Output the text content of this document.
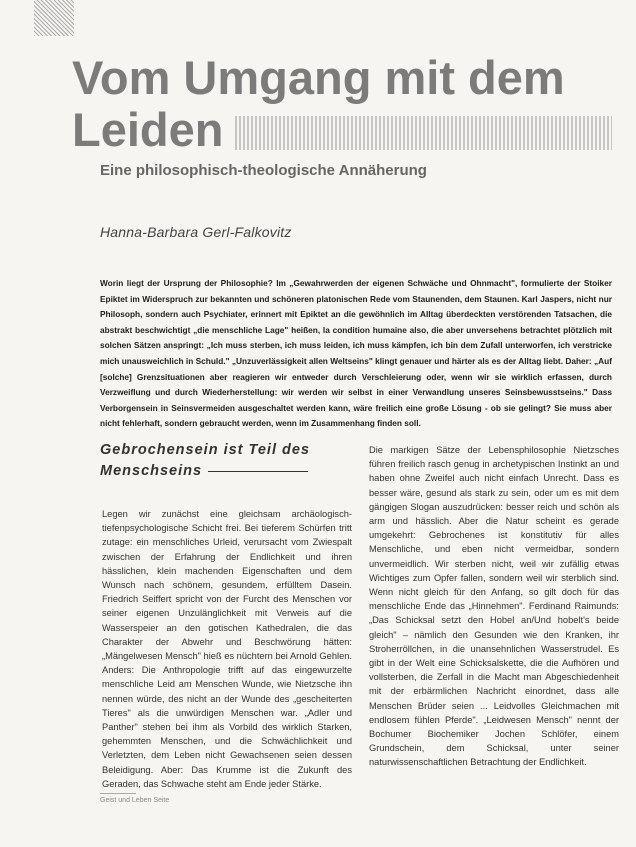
Vom Umgang mit dem
Leiden
Eine philosophisch-theologische Annäherung
Hanna-Barbara Gerl-Falkovitz

Worin liegt der Ursprung der Philosophie? Im „Gewahrwerden der eigenen Schwäche und Ohnmacht", formulierte der Stoiker Epiktet im Widerspruch zur bekannten und schöneren platonischen Rede vom Staunenden, dem Staunen. Karl Jaspers, nicht nur Philosoph, sondern auch Psychiater, erinnert mit Epiktet an die gewöhnlich im Alltag überdeckten verstörenden Tatsachen, die abstrakt beschwichtigt „die menschliche Lage" heißen, la condition humaine also, die aber unversehens betrachtet plötzlich mit solchen Sätzen anspringt: „Ich muss sterben, ich muss leiden, ich muss kämpfen, ich bin dem Zufall unterworfen, ich verstricke mich unausweichlich in Schuld." „Unzuverlässigkeit allen Weltseins" klingt genauer und härter als es der Alltag liebt. Daher: „Auf [solche] Grenzsituationen aber reagieren wir entweder durch Verschleierung oder, wenn wir sie wirklich erfassen, durch Verzweiflung und durch Wiederherstellung: wir werden wir selbst in einer Verwandlung unseres Seinsbewusstseins." Dass Verborgensein in Seinsvermeiden ausgeschaltet werden kann, wäre freilich eine große Lösung - ob sie gelingt? Sie muss aber nicht fehlerhaft, sondern gebraucht werden, wenn im Zusammenhang finden soll.

Gebrochensein ist Teil des Menschseins

Legen wir zunächst eine gleichsam archäologisch-tiefenpsychologische Schicht frei. Bei tieferem Schürfen tritt zutage: ein menschliches Urleid, verursacht vom Zwiespalt zwischen der Erfahrung der Endlichkeit und ihren hässlichen, klein machenden Eigenschaften und dem Wunsch nach schönem, gesundem, erfülltem Dasein. Friedrich Seiffert spricht von der Furcht des Menschen vor seiner eigenen Unzulänglichkeit mit Verweis auf die Wasserspeier an den gotischen Kathedralen, die das Charakter der Abwehr und Beschwörung hätten: „Mängelwesen Mensch" hieß es nüchtern bei Arnold Gehlen. Anders: Die Anthropologie trifft auf das eingewurzelte menschliche Leid am Menschen Wunde, wie Nietzsche ihn nennen würde, des nicht an der Wunde des „gescheiterten Tieres" als die unwürdigen Menschen war. „Adler und Panther" stehen bei ihm als Vorbild des wirklich Starken, gehemmten Menschen, und die Schwächlichkeit und Verletzten, dem Leben nicht Gewachsenen seien dessen Beleidigung. Aber: Das Krumme ist die Zukunft des Geraden, das Schwache steht am Ende jeder Stärke.

Die markigen Sätze der Lebensphilosophie Nietzsches führen freilich rasch genug in archetypischen Instinkt an und haben ohne Zweifel auch nicht einfach Unrecht. Dass es besser wäre, gesund als stark zu sein, oder um es mit dem gängigen Slogan auszudrücken: besser reich und schön als arm und hässlich. Aber die Natur scheint es gerade umgekehrt: Gebrochenes ist konstitutiv für alles Menschliche, und eben nicht vermeidbar, sondern unvermeidlich. Wir sterben nicht, weil wir zufällig etwas Wichtiges zum Opfer fallen, sondern weil wir sterblich sind. Wenn nicht gleich für den Anfang, so gilt doch für das menschliche Ende das „Hinnehmen". Ferdinand Raimunds: „Das Schicksal setzt den Hobel an/Und hobelt's beide gleich" – nämlich den Gesunden wie den Kranken, ihr Stroherröllchen, in die unansehnlichen Wasserstrudel. Es gibt in der Welt eine Schicksalskette, die die Aufhören und vollsterben, die Zerfall in die Macht man Abgeschiedenheit mit der erbärmlichen Nachricht einordnet, dass alle Menschen Brüder seien ... Leidvolles Gleichmachen mit endlosem fühlen Pferde". „Leidwesen Mensch" nennt der Bochumer Biochemiker Jochen Schlöfer, einem Grundschein, dem Schicksal, unter seiner naturwissenschaftlichen Betrachtung der Endlichkeit.

Geist und Leben Seite
